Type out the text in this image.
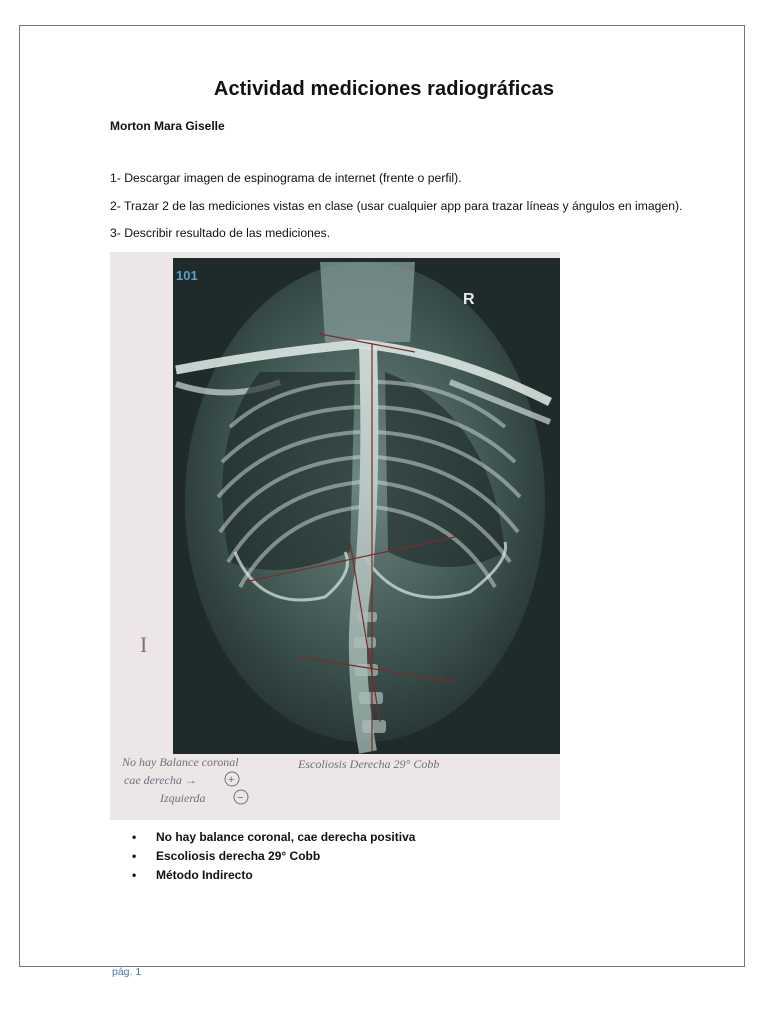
Actividad mediciones radiográficas
Morton Mara Giselle
1- Descargar imagen de espinograma de internet (frente o perfil).
2- Trazar 2 de las mediciones vistas en clase (usar cualquier app para trazar líneas y ángulos en imagen).
3- Describir resultado de las mediciones.
101
R
I
No hay Balance coronal
cae derecha →
Izquierda
Escoliosis Derecha 29° Cobb
+
−
• No hay balance coronal, cae derecha positiva
• Escoliosis derecha 29° Cobb
• Método Indirecto
pág. 1
